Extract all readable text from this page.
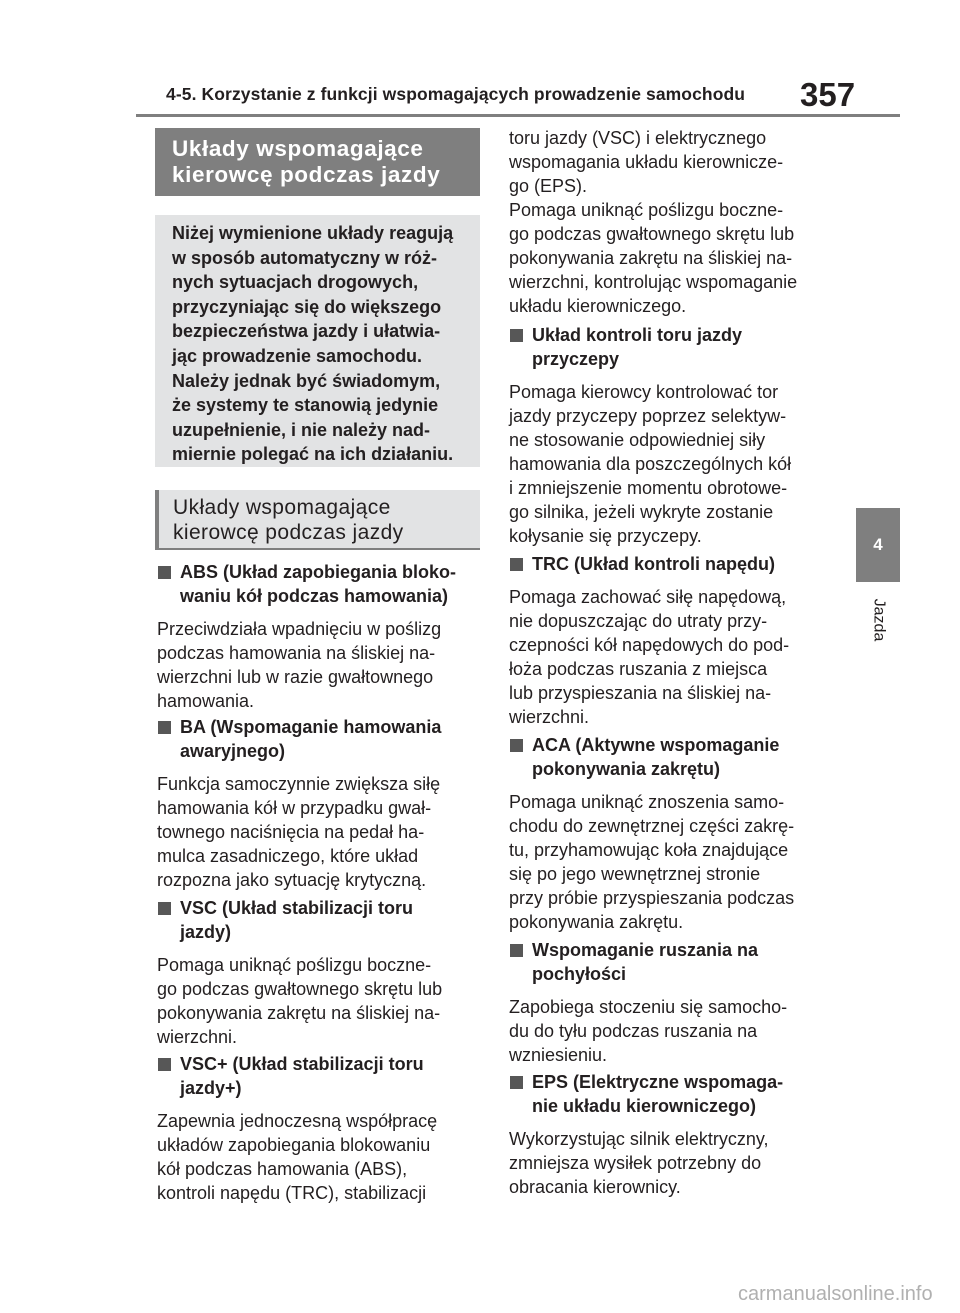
4-5. Korzystanie z funkcji wspomagających prowadzenie samochodu 357
4
Jazda
Układy wspomagające
kierowcę podczas jazdy
Niżej wymienione układy reagują
w sposób automatyczny w róż-
nych sytuacjach drogowych,
przyczyniając się do większego
bezpieczeństwa jazdy i ułatwia-
jąc prowadzenie samochodu.
Należy jednak być świadomym,
że systemy te stanowią jedynie
uzupełnienie, i nie należy nad-
miernie polegać na ich działaniu.
Układy wspomagające
kierowcę podczas jazdy
ABS (Układ zapobiegania bloko-
waniu kół podczas hamowania)
Przeciwdziała wpadnięciu w poślizg
podczas hamowania na śliskiej na-
wierzchni lub w razie gwałtownego
hamowania.
BA (Wspomaganie hamowania
awaryjnego)
Funkcja samoczynnie zwiększa siłę
hamowania kół w przypadku gwał-
townego naciśnięcia na pedał ha-
mulca zasadniczego, które układ
rozpozna jako sytuację krytyczną.
VSC (Układ stabilizacji toru
jazdy)
Pomaga uniknąć poślizgu boczne-
go podczas gwałtownego skrętu lub
pokonywania zakrętu na śliskiej na-
wierzchni.
VSC+ (Układ stabilizacji toru
jazdy+)
Zapewnia jednoczesną współpracę
układów zapobiegania blokowaniu
kół podczas hamowania (ABS),
kontroli napędu (TRC), stabilizacji
toru jazdy (VSC) i elektrycznego
wspomagania układu kierownicze-
go (EPS).
Pomaga uniknąć poślizgu boczne-
go podczas gwałtownego skrętu lub
pokonywania zakrętu na śliskiej na-
wierzchni, kontrolując wspomaganie
układu kierowniczego.
Układ kontroli toru jazdy
przyczepy
Pomaga kierowcy kontrolować tor
jazdy przyczepy poprzez selektyw-
ne stosowanie odpowiedniej siły
hamowania dla poszczególnych kół
i zmniejszenie momentu obrotowe-
go silnika, jeżeli wykryte zostanie
kołysanie się przyczepy.
TRC (Układ kontroli napędu)
Pomaga zachować siłę napędową,
nie dopuszczając do utraty przy-
czepności kół napędowych do pod-
łoża podczas ruszania z miejsca
lub przyspieszania na śliskiej na-
wierzchni.
ACA (Aktywne wspomaganie
pokonywania zakrętu)
Pomaga uniknąć znoszenia samo-
chodu do zewnętrznej części zakrę-
tu, przyhamowując koła znajdujące
się po jego wewnętrznej stronie
przy próbie przyspieszania podczas
pokonywania zakrętu.
Wspomaganie ruszania na
pochyłości
Zapobiega stoczeniu się samocho-
du do tyłu podczas ruszania na
wzniesieniu.
EPS (Elektryczne wspomaga-
nie układu kierowniczego)
Wykorzystując silnik elektryczny,
zmniejsza wysiłek potrzebny do
obracania kierownicy.
carmanualsonline.info
